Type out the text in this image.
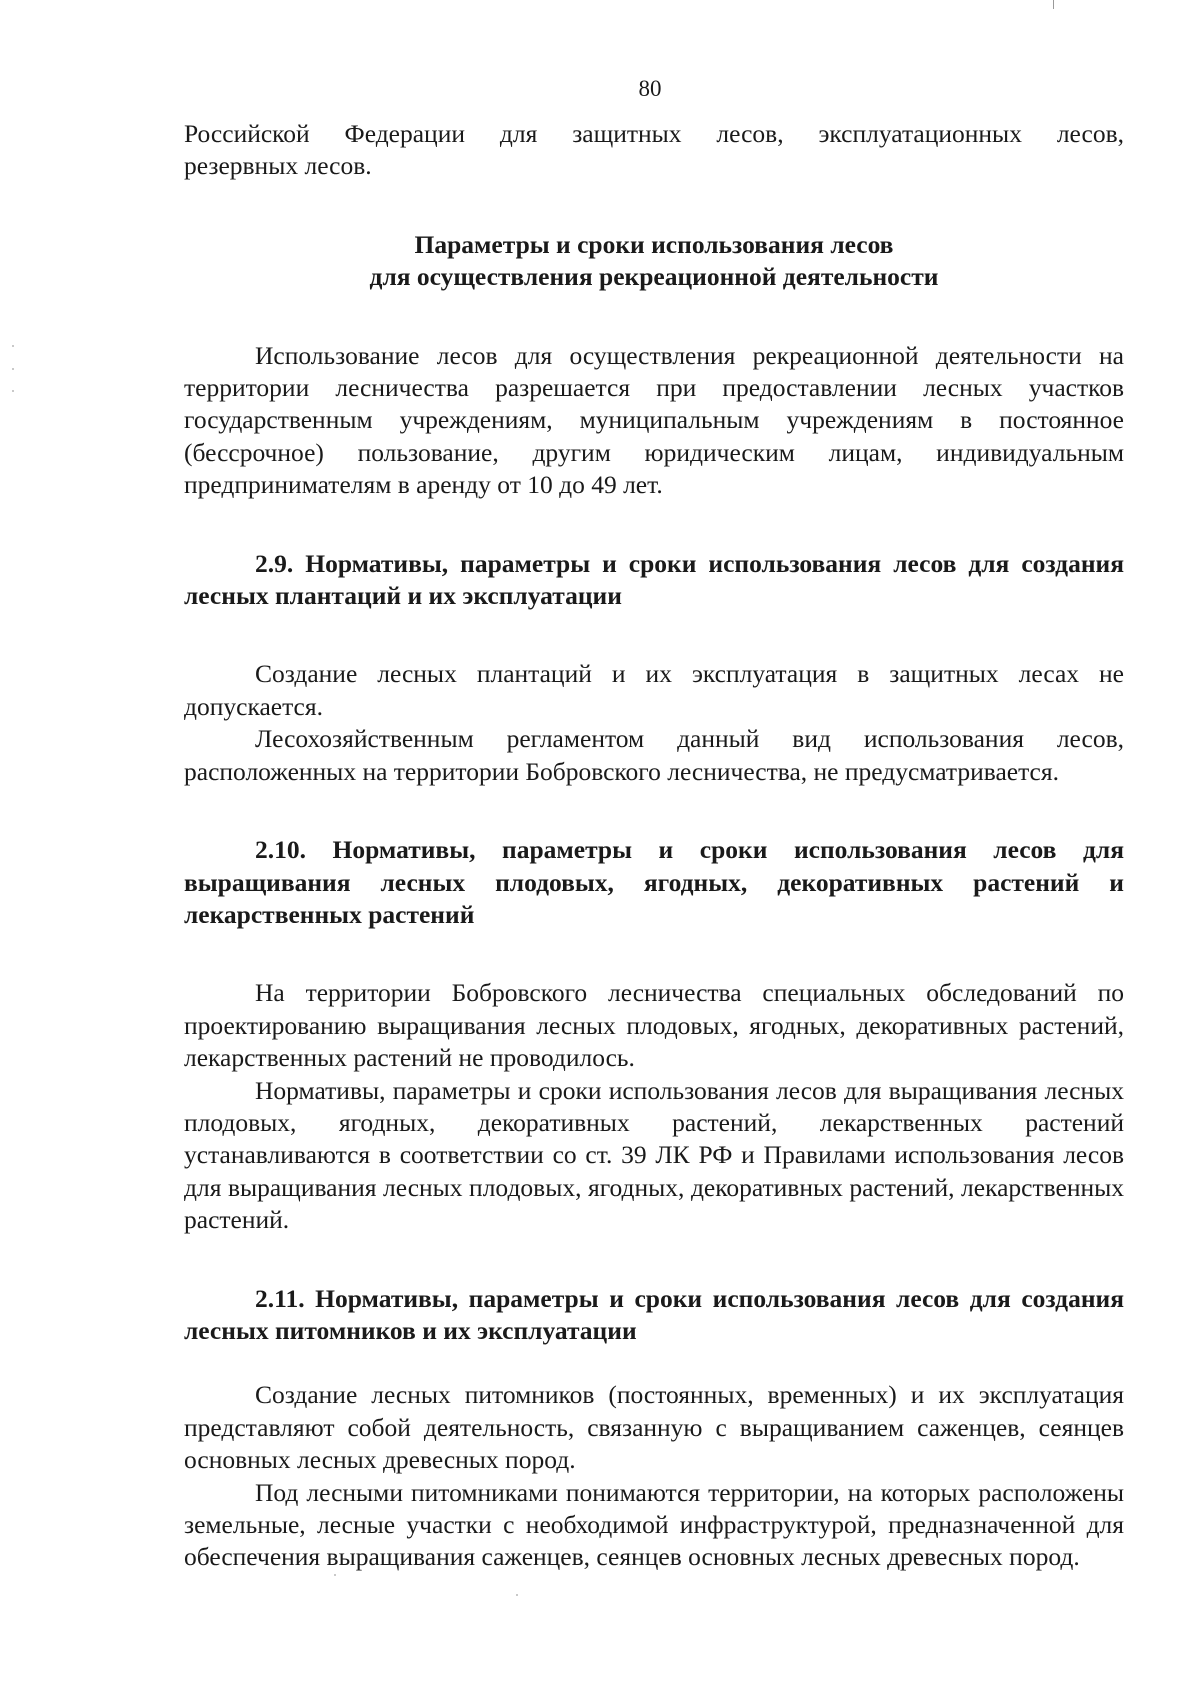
80

Российской Федерации для защитных лесов, эксплуатационных лесов,

резервных лесов.

Параметры и сроки использования лесов

для осуществления рекреационной деятельности

Использование лесов для осуществления рекреационной деятельности на территории лесничества разрешается при предоставлении лесных участков государственным учреждениям, муниципальным учреждениям в постоянное (бессрочное) пользование, другим юридическим лицам, индивидуальным предпринимателям в аренду от 10 до 49 лет.

2.9. Нормативы, параметры и сроки использования лесов для создания лесных плантаций и их эксплуатации

Создание лесных плантаций и их эксплуатация в защитных лесах не допускается.

Лесохозяйственным регламентом данный вид использования лесов, расположенных на территории Бобровского лесничества, не предусматривается.

2.10. Нормативы, параметры и сроки использования лесов для выращивания лесных плодовых, ягодных, декоративных растений и лекарственных растений

На территории Бобровского лесничества специальных обследований по проектированию выращивания лесных плодовых, ягодных, декоративных растений, лекарственных растений не проводилось.

Нормативы, параметры и сроки использования лесов для выращивания лесных плодовых, ягодных, декоративных растений, лекарственных растений устанавливаются в соответствии со ст. 39 ЛК РФ и Правилами использования лесов для выращивания лесных плодовых, ягодных, декоративных растений, лекарственных растений.

2.11. Нормативы, параметры и сроки использования лесов для создания лесных питомников и их эксплуатации

Создание лесных питомников (постоянных, временных) и их эксплуатация представляют собой деятельность, связанную с выращиванием саженцев, сеянцев основных лесных древесных пород.

Под лесными питомниками понимаются территории, на которых расположены земельные, лесные участки с необходимой инфраструктурой, предназначенной для обеспечения выращивания саженцев, сеянцев основных лесных древесных пород.
